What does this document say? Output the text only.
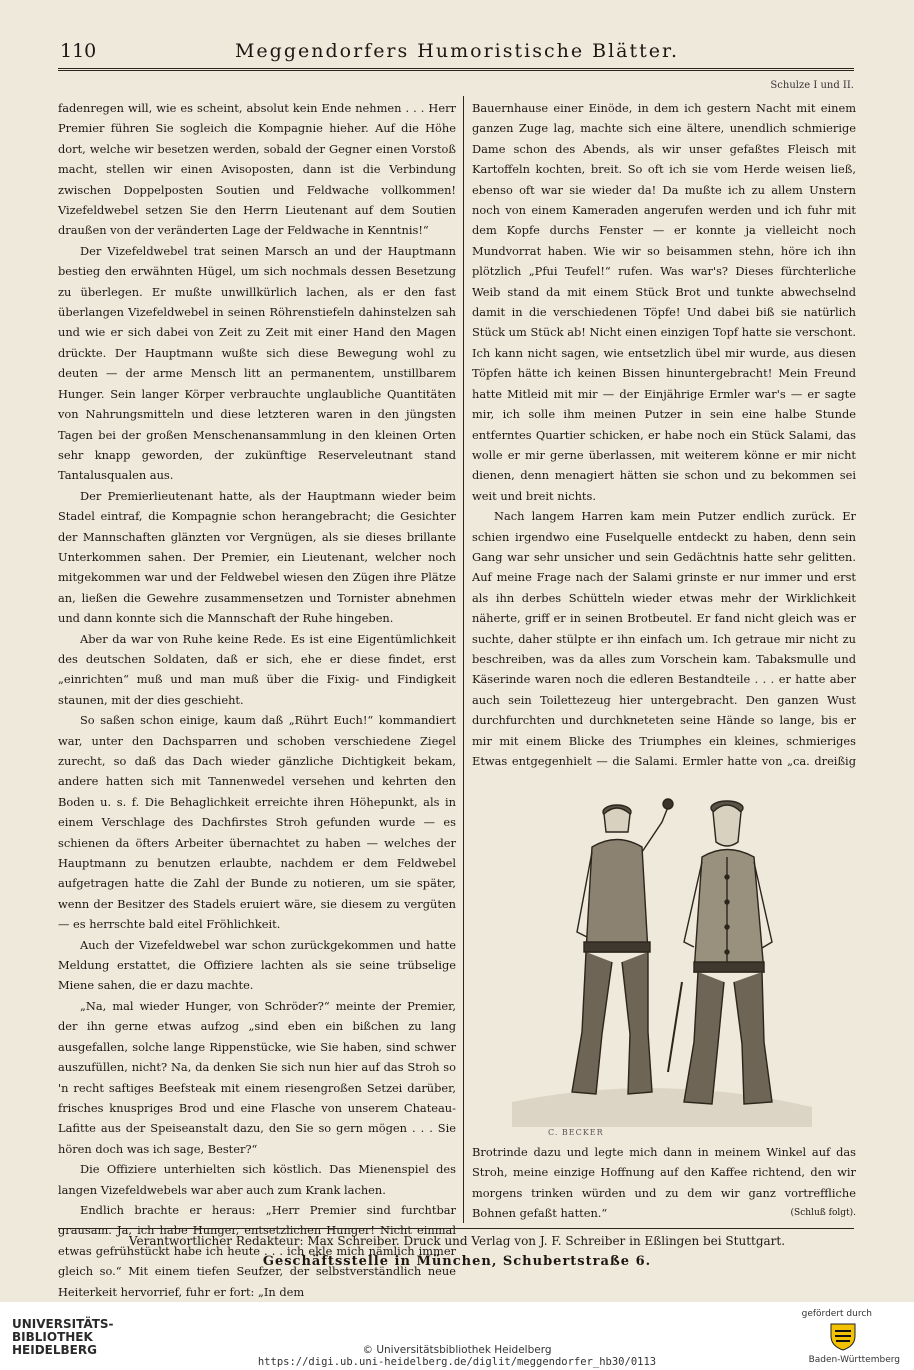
110	Meggendorfers Humoristische Blätter.
Schulze I und II.

fadenregen will, wie es scheint, absolut kein Ende nehmen . . . Herr Premier führen Sie sogleich die Kompagnie hieher. Auf die Höhe dort, welche wir besetzen werden, sobald der Gegner einen Vorstoß macht, stellen wir einen Avisoposten, dann ist die Verbindung zwischen Doppelposten Soutien und Feldwache vollkommen! Vizefeldwebel setzen Sie den Herrn Lieutenant auf dem Soutien draußen von der veränderten Lage der Feldwache in Kenntnis!“

Der Vizefeldwebel trat seinen Marsch an und der Hauptmann bestieg den erwähnten Hügel, um sich nochmals dessen Besetzung zu überlegen. Er mußte unwillkürlich lachen, als er den fast überlangen Vizefeldwebel in seinen Röhrenstiefeln dahinstelzen sah und wie er sich dabei von Zeit zu Zeit mit einer Hand den Magen drückte. Der Hauptmann wußte sich diese Bewegung wohl zu deuten — der arme Mensch litt an permanentem, unstillbarem Hunger. Sein langer Körper verbrauchte unglaubliche Quantitäten von Nahrungsmitteln und diese letzteren waren in den jüngsten Tagen bei der großen Menschenansammlung in den kleinen Orten sehr knapp geworden, der zukünftige Reserveleutnant stand Tantalusqualen aus.

Der Premierlieutenant hatte, als der Hauptmann wieder beim Stadel eintraf, die Kompagnie schon herangebracht; die Gesichter der Mannschaften glänzten vor Vergnügen, als sie dieses brillante Unterkommen sahen. Der Premier, ein Lieutenant, welcher noch mitgekommen war und der Feldwebel wiesen den Zügen ihre Plätze an, ließen die Gewehre zusammensetzen und Tornister abnehmen und dann konnte sich die Mannschaft der Ruhe hingeben.

Aber da war von Ruhe keine Rede. Es ist eine Eigentümlichkeit des deutschen Soldaten, daß er sich, ehe er diese findet, erst „einrichten“ muß und man muß über die Fixig- und Findigkeit staunen, mit der dies geschieht.

So saßen schon einige, kaum daß „Rührt Euch!“ kommandiert war, unter den Dachsparren und schoben verschiedene Ziegel zurecht, so daß das Dach wieder gänzliche Dichtigkeit bekam, andere hatten sich mit Tannenwedel versehen und kehrten den Boden u. s. f. Die Behaglichkeit erreichte ihren Höhepunkt, als in einem Verschlage des Dachfirstes Stroh gefunden wurde — es schienen da öfters Arbeiter übernachtet zu haben — welches der Hauptmann zu benutzen erlaubte, nachdem er dem Feldwebel aufgetragen hatte die Zahl der Bunde zu notieren, um sie später, wenn der Besitzer des Stadels eruiert wäre, sie diesem zu vergüten — es herrschte bald eitel Fröhlichkeit.

Auch der Vizefeldwebel war schon zurückgekommen und hatte Meldung erstattet, die Offiziere lachten als sie seine trübselige Miene sahen, die er dazu machte.

„Na, mal wieder Hunger, von Schröder?“ meinte der Premier, der ihn gerne etwas aufzog „sind eben ein bißchen zu lang ausgefallen, solche lange Rippenstücke, wie Sie haben, sind schwer auszufüllen, nicht? Na, da denken Sie sich nun hier auf das Stroh so 'n recht saftiges Beefsteak mit einem riesengroßen Setzei darüber, frisches knuspriges Brod und eine Flasche von unserem Chateau-Lafitte aus der Speiseanstalt dazu, den Sie so gern mögen . . . Sie hören doch was ich sage, Bester?“

Die Offiziere unterhielten sich köstlich. Das Mienenspiel des langen Vizefeldwebels war aber auch zum Krank lachen.

Endlich brachte er heraus: „Herr Premier sind furchtbar grausam. Ja, ich habe Hunger, entsetzlichen Hunger! Nicht einmal etwas gefrühstückt habe ich heute . . . ich ekle mich nämlich immer gleich so.“ Mit einem tiefen Seufzer, der selbstverständlich neue Heiterkeit hervorrief, fuhr er fort: „In dem

Bauernhause einer Einöde, in dem ich gestern Nacht mit einem ganzen Zuge lag, machte sich eine ältere, unendlich schmierige Dame schon des Abends, als wir unser gefaßtes Fleisch mit Kartoffeln kochten, breit. So oft ich sie vom Herde weisen ließ, ebenso oft war sie wieder da! Da mußte ich zu allem Unstern noch von einem Kameraden angerufen werden und ich fuhr mit dem Kopfe durchs Fenster — er konnte ja vielleicht noch Mundvorrat haben. Wie wir so beisammen stehn, höre ich ihn plötzlich „Pfui Teufel!“ rufen. Was war's? Dieses fürchterliche Weib stand da mit einem Stück Brot und tunkte abwechselnd damit in die verschiedenen Töpfe! Und dabei biß sie natürlich Stück um Stück ab! Nicht einen einzigen Topf hatte sie verschont. Ich kann nicht sagen, wie entsetzlich übel mir wurde, aus diesen Töpfen hätte ich keinen Bissen hinuntergebracht! Mein Freund hatte Mitleid mit mir — der Einjährige Ermler war's — er sagte mir, ich solle ihm meinen Putzer in sein eine halbe Stunde entferntes Quartier schicken, er habe noch ein Stück Salami, das wolle er mir gerne überlassen, mit weiterem könne er mir nicht dienen, denn menagiert hätten sie schon und zu bekommen sei weit und breit nichts.

Nach langem Harren kam mein Putzer endlich zurück. Er schien irgendwo eine Fuselquelle entdeckt zu haben, denn sein Gang war sehr unsicher und sein Gedächtnis hatte sehr gelitten. Auf meine Frage nach der Salami grinste er nur immer und erst als ihn derbes Schütteln wieder etwas mehr der Wirklichkeit näherte, griff er in seinen Brotbeutel. Er fand nicht gleich was er suchte, daher stülpte er ihn einfach um. Ich getraue mir nicht zu beschreiben, was da alles zum Vorschein kam. Tabaksmulle und Käserinde waren noch die edleren Bestandteile . . . er hatte aber auch sein Toilettezeug hier untergebracht. Den ganzen Wust durchfurchten und durchkneteten seine Hände so lange, bis er mir mit einem Blicke des Triumphes ein kleines, schmieriges Etwas entgegenhielt — die Salami. Ermler hatte von „ca. dreißig

C. BECKER

Brotrinde dazu und legte mich dann in meinem Winkel auf das Stroh, meine einzige Hoffnung auf den Kaffee richtend, den wir morgens trinken würden und zu dem wir ganz vortreffliche Bohnen gefaßt hatten.“	(Schluß folgt).

Verantwortlicher Redakteur: Max Schreiber. Druck und Verlag von J. F. Schreiber in Eßlingen bei Stuttgart.
Geschäftsstelle in München, Schubertstraße 6.
UNIVERSITÄTS-
BIBLIOTHEK
HEIDELBERG	© Universitätsbibliothek Heidelberg
https://digi.ub.uni-heidelberg.de/diglit/meggendorfer_hb30/0113
gefördert durch
Baden-Württemberg
